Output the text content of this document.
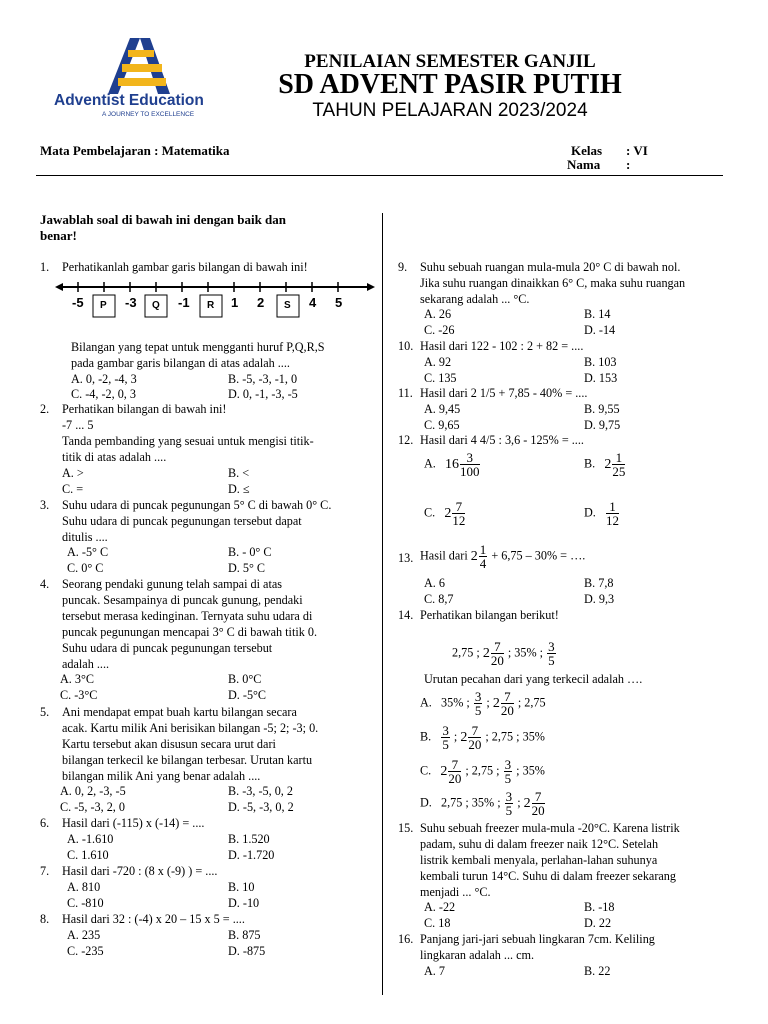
Adventist Education
A JOURNEY TO EXCELLENCE
PENILAIAN SEMESTER GANJIL
SD ADVENT PASIR PUTIH
TAHUN PELAJARAN 2023/2024
Mata Pembelajaran : Matematika	Kelas : VI
Nama :
Jawablah soal di bawah ini dengan baik dan
benar!
1. Perhatikanlah gambar garis bilangan di bawah ini!
-5 P -3 Q -1 R 1 2 S 4 5
Bilangan yang tepat untuk mengganti huruf P,Q,R,S
pada gambar garis bilangan di atas adalah ....
A. 0, -2, -4, 3	B. -5, -3, -1, 0
C. -4, -2, 0, 3	D. 0, -1, -3, -5
2. Perhatikan bilangan di bawah ini!
-7 ... 5
Tanda pembanding yang sesuai untuk mengisi titik-
titik di atas adalah ....
A. >	B. <
C. =	D. ≤
3. Suhu udara di puncak pegunungan 5° C di bawah 0° C.
Suhu udara di puncak pegunungan tersebut dapat
ditulis ....
A. -5° C	B. - 0° C
C. 0° C	D. 5° C
4. Seorang pendaki gunung telah sampai di atas
puncak. Sesampainya di puncak gunung, pendaki
tersebut merasa kedinginan. Ternyata suhu udara di
puncak pegunungan mencapai 3° C di bawah titik 0.
Suhu udara di puncak pegunungan tersebut
adalah ....
A. 3°C	B. 0°C
C. -3°C	D. -5°C
5. Ani mendapat empat buah kartu bilangan secara
acak. Kartu milik Ani berisikan bilangan -5; 2; -3; 0.
Kartu tersebut akan disusun secara urut dari
bilangan terkecil ke bilangan terbesar. Urutan kartu
bilangan milik Ani yang benar adalah ....
A. 0, 2, -3, -5	B. -3, -5, 0, 2
C. -5, -3, 2, 0	D. -5, -3, 0, 2
6. Hasil dari (-115) x (-14) = ....
A. -1.610	B. 1.520
C. 1.610	D. -1.720
7. Hasil dari -720 : (8 x (-9) ) = ....
A. 810	B. 10
C. -810	D. -10
8. Hasil dari 32 : (-4) x 20 – 15 x 5 = ....
A. 235	B. 875
C. -235	D. -875
9. Suhu sebuah ruangan mula-mula 20° C di bawah nol.
Jika suhu ruangan dinaikkan 6° C, maka suhu ruangan
sekarang adalah ... °C.
A. 26	B. 14
C. -26	D. -14
10. Hasil dari 122 - 102 : 2 + 82 = ....
A. 92	B. 103
C. 135	D. 153
11. Hasil dari 2 1/5 + 7,85 - 40% = ....
A. 9,45	B. 9,55
C. 9,65	D. 9,75
12. Hasil dari 4 4/5 : 3,6 - 125% = ....
A. $16 \frac{3}{100}$	B. $2 \frac{1}{25}$
C. $2 \frac{7}{12}$	D. $\frac{1}{12}$
13. Hasil dari $2 \frac{1}{4} + 6,75 - 30\%$ = ….
A. 6	B. 7,8
C. 8,7	D. 9,3
14. Perhatikan bilangan berikut!
2,75 ; $2 \frac{7}{20}$ ; 35% ; $\frac{3}{5}$
Urutan pecahan dari yang terkecil adalah ….
A. 35% ; $\frac{3}{5}$ ; $2 \frac{7}{20}$ ; 2,75
B. $\frac{3}{5}$ ; $2 \frac{7}{20}$ ; 2,75 ; 35%
C. $2 \frac{7}{20}$ ; 2,75 ; $\frac{3}{5}$ ; 35%
D. 2,75 ; 35% ; $\frac{3}{5}$ ; $2 \frac{7}{20}$
15. Suhu sebuah freezer mula-mula -20°C. Karena listrik
padam, suhu di dalam freezer naik 12°C. Setelah
listrik kembali menyala, perlahan-lahan suhunya
kembali turun 14°C. Suhu di dalam freezer sekarang
menjadi ... °C.
A. -22	B. -18
C. 18	D. 22
16. Panjang jari-jari sebuah lingkaran 7cm. Keliling
lingkaran adalah ... cm.
A. 7	B. 22
